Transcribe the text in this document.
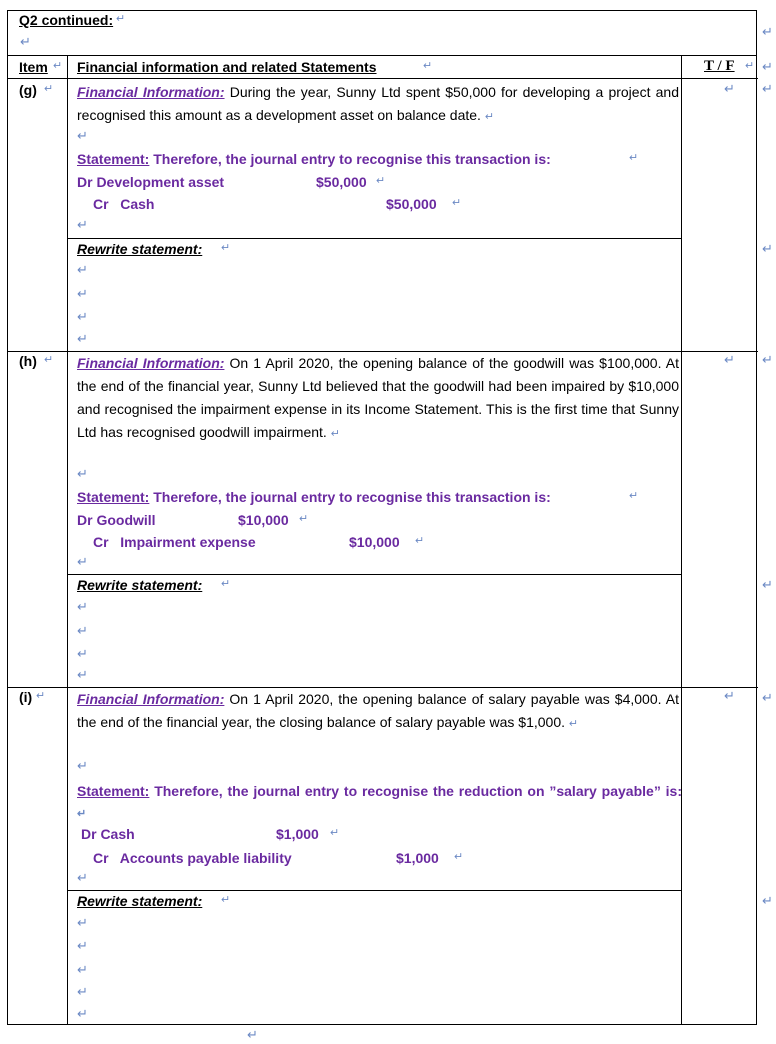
Q2 continued: ↵
↵
↵
Item ↵ Financial information and related Statements	↵	T / F ↵
(g) ↵ Financial Information: During the year, Sunny Ltd spent $50,000 for developing a project and recognised this amount as a development asset on balance date. ↵
↵
Statement: Therefore, the journal entry to recognise this transaction is:	↵
Dr Development asset	$50,000 ↵
Cr   Cash	$50,000 ↵
↵
Rewrite statement: ↵
↵
↵
↵
↵
↵
(h) ↵ Financial Information: On 1 April 2020, the opening balance of the goodwill was $100,000. At the end of the financial year, Sunny Ltd believed that the goodwill had been impaired by $10,000 and recognised the impairment expense in its Income Statement. This is the first time that Sunny Ltd has recognised goodwill impairment. ↵
↵
Statement: Therefore, the journal entry to recognise this transaction is:	↵
Dr Goodwill	$10,000 ↵
Cr   Impairment expense	$10,000 ↵
↵
Rewrite statement: ↵
↵
↵
↵
↵
↵
(i) ↵ Financial Information: On 1 April 2020, the opening balance of salary payable was $4,000. At the end of the financial year, the closing balance of salary payable was $1,000. ↵
↵
Statement: Therefore, the journal entry to recognise the reduction on ”salary payable” is: ↵
Dr Cash	$1,000 ↵
Cr   Accounts payable liability	$1,000 ↵
↵
Rewrite statement: ↵
↵
↵
↵
↵
↵
↵
↵
↵
↵
↵
↵
↵
↵
↵
